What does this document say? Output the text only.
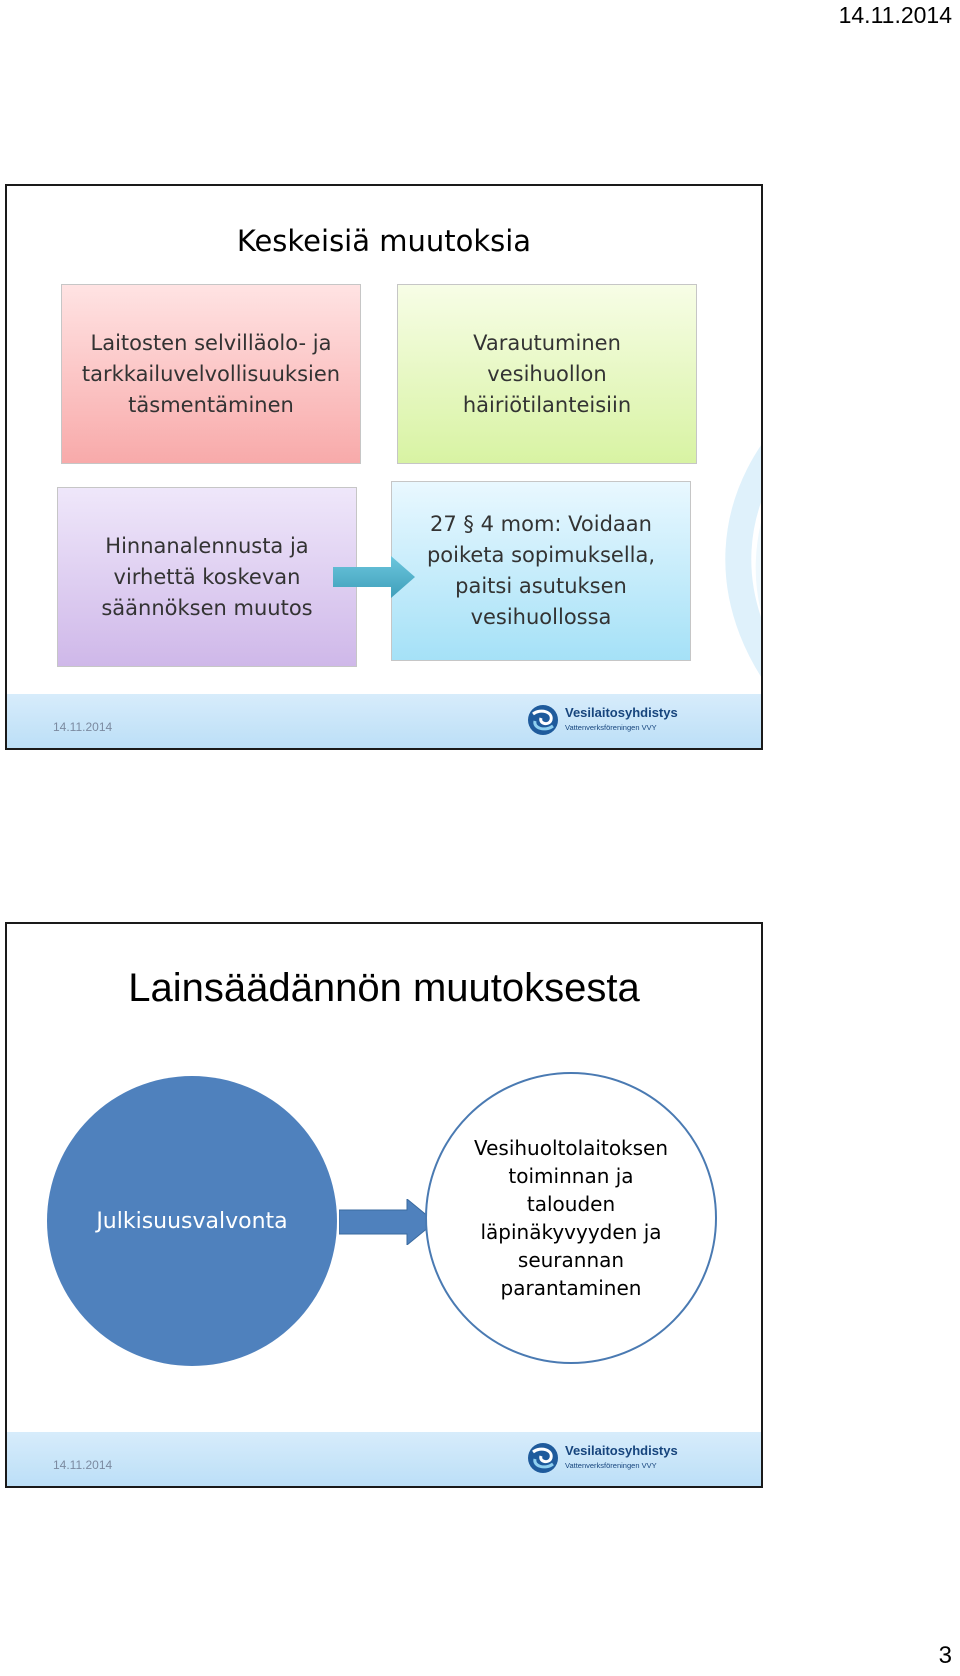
14.11.2014
Keskeisiä muutoksia
Laitosten selvilläolo- ja
tarkkailuvelvollisuuksien
täsmentäminen
Varautuminen
vesihuollon
häiriötilanteisiin
Hinnanalennusta ja
virhettä koskevan
säännöksen muutos
27 § 4 mom: Voidaan
poiketa sopimuksella,
paitsi asutuksen
vesihuollossa
14.11.2014
Vesilaitosyhdistys
Vattenverksföreningen VVY
Lainsäädännön muutoksesta
Julkisuusvalvonta
Vesihuoltolaitoksen
toiminnan ja
talouden
läpinäkyvyyden ja
seurannan
parantaminen
14.11.2014
Vesilaitosyhdistys
Vattenverksföreningen VVY
3
